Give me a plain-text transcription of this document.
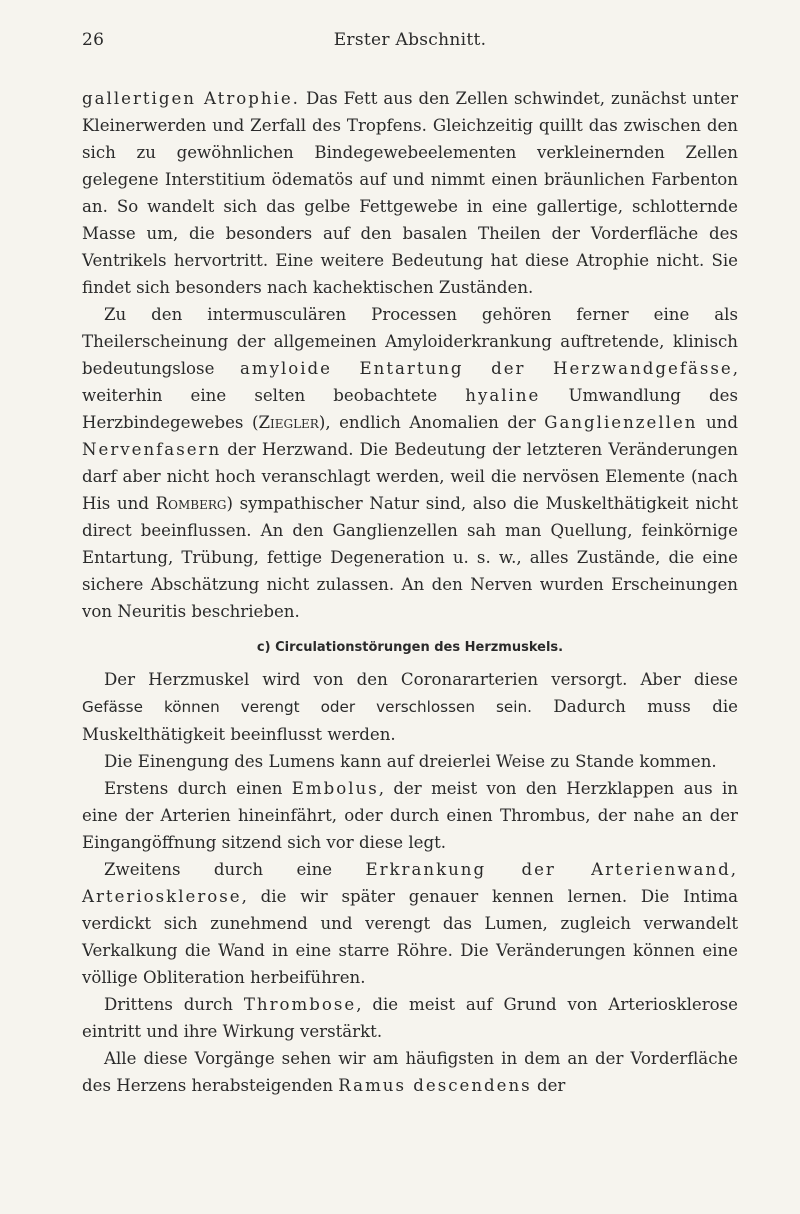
26	Erster Abschnitt.

gallertigen Atrophie. Das Fett aus den Zellen schwindet, zunächst unter Kleinerwerden und Zerfall des Tropfens. Gleichzeitig quillt das zwischen den sich zu gewöhnlichen Bindegewebeelementen verkleinernden Zellen gelegene Interstitium ödematös auf und nimmt einen bräunlichen Farbenton an. So wandelt sich das gelbe Fettgewebe in eine gallertige, schlotternde Masse um, die besonders auf den basalen Theilen der Vorderfläche des Ventrikels hervortritt. Eine weitere Bedeutung hat diese Atrophie nicht. Sie findet sich besonders nach kachektischen Zuständen.

Zu den intermusculären Processen gehören ferner eine als Theilerscheinung der allgemeinen Amyloiderkrankung auftretende, klinisch bedeutungslose amyloide Entartung der Herzwandgefässe, weiterhin eine selten beobachtete hyaline Umwandlung des Herzbindegewebes (Ziegler), endlich Anomalien der Ganglienzellen und Nervenfasern der Herzwand. Die Bedeutung der letzteren Veränderungen darf aber nicht hoch veranschlagt werden, weil die nervösen Elemente (nach His und Romberg) sympathischer Natur sind, also die Muskelthätigkeit nicht direct beeinflussen. An den Ganglienzellen sah man Quellung, feinkörnige Entartung, Trübung, fettige Degeneration u. s. w., alles Zustände, die eine sichere Abschätzung nicht zulassen. An den Nerven wurden Erscheinungen von Neuritis beschrieben.

c) Circulationstörungen des Herzmuskels.

Der Herzmuskel wird von den Coronararterien versorgt. Aber diese Gefässe können verengt oder verschlossen sein. Dadurch muss die Muskelthätigkeit beeinflusst werden.

Die Einengung des Lumens kann auf dreierlei Weise zu Stande kommen.

Erstens durch einen Embolus, der meist von den Herzklappen aus in eine der Arterien hineinfährt, oder durch einen Thrombus, der nahe an der Eingangöffnung sitzend sich vor diese legt.

Zweitens durch eine Erkrankung der Arterienwand, Arteriosklerose, die wir später genauer kennen lernen. Die Intima verdickt sich zunehmend und verengt das Lumen, zugleich verwandelt Verkalkung die Wand in eine starre Röhre. Die Veränderungen können eine völlige Obliteration herbeiführen.

Drittens durch Thrombose, die meist auf Grund von Arteriosklerose eintritt und ihre Wirkung verstärkt.

Alle diese Vorgänge sehen wir am häufigsten in dem an der Vorderfläche des Herzens herabsteigenden Ramus descendens der
